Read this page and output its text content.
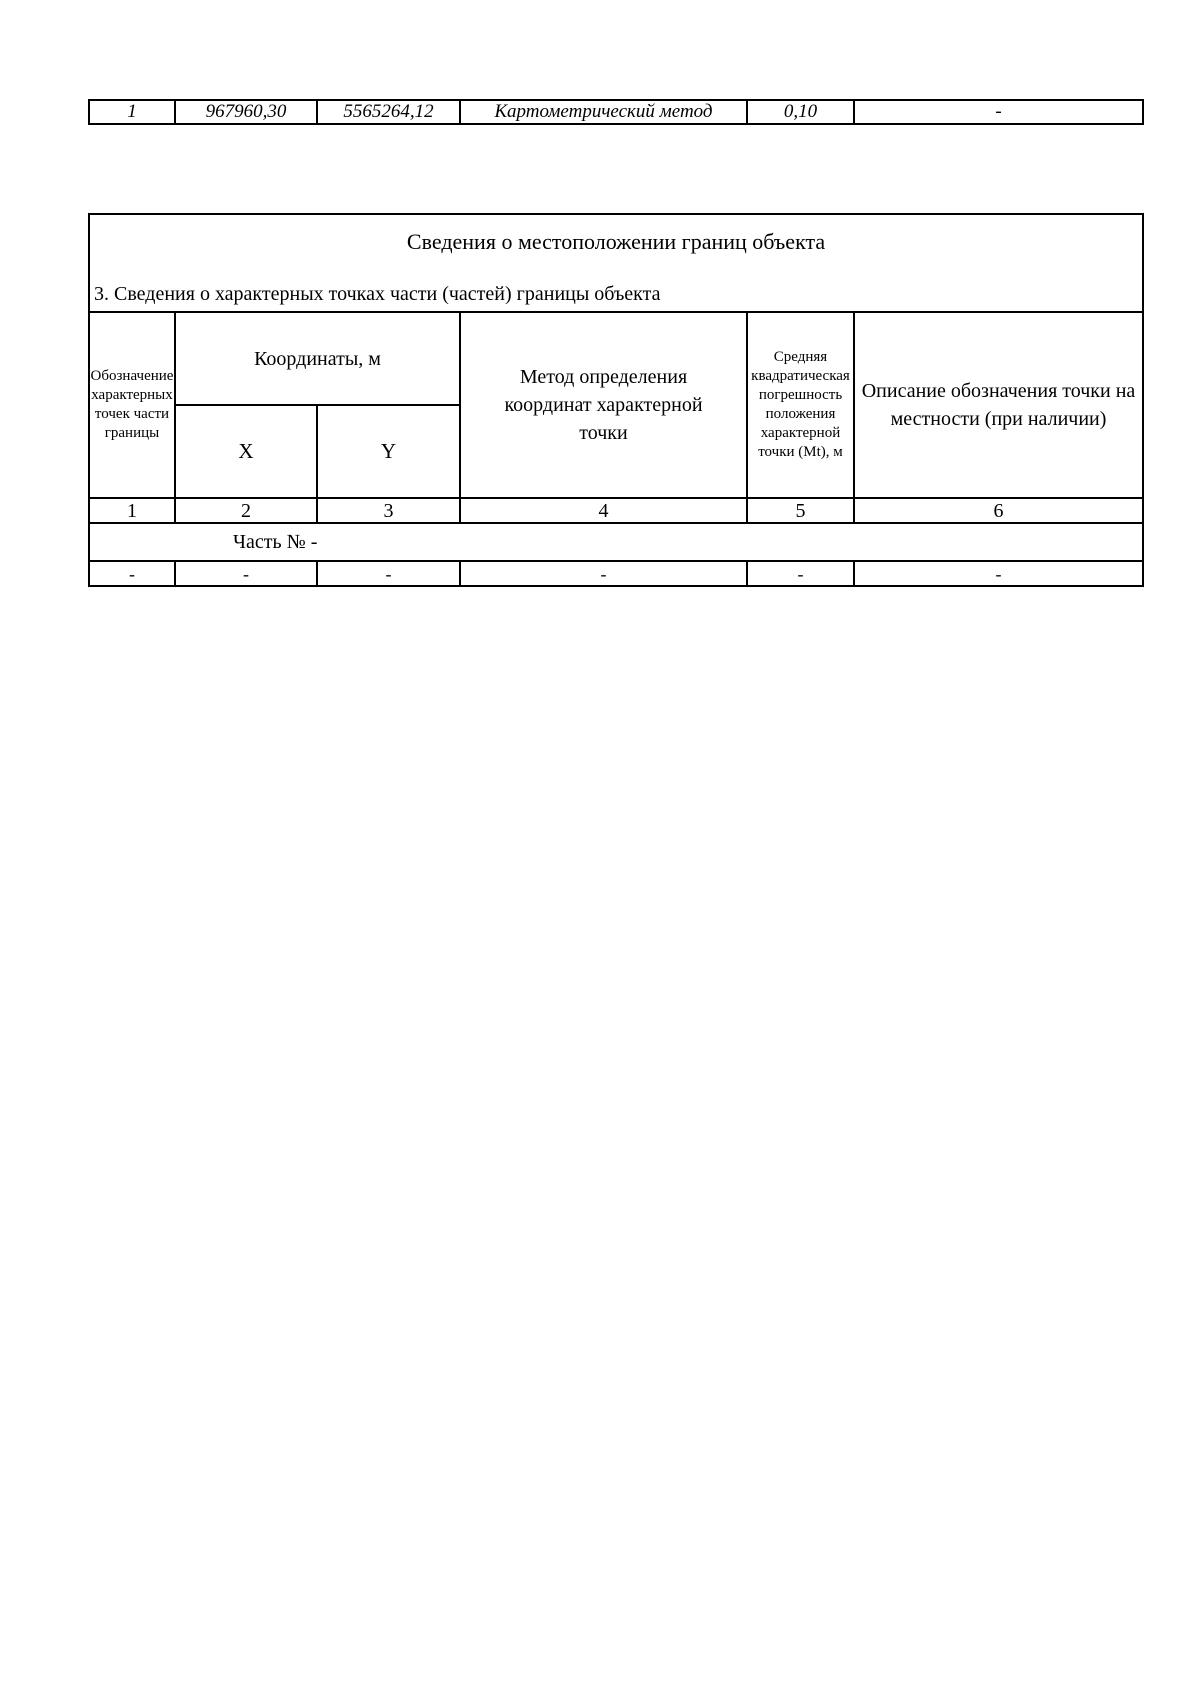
1	967960,30	5565264,12	Картометрический метод	0,10	-
Сведения о местоположении границ объекта
3. Сведения о характерных точках части (частей) границы объекта					

Обозначение характерных точек части границы	Координаты, м		Метод определения координат характерной точки	Средняя квадратическая погрешность положения характерной точки (Mt), м	Описание обозначения точки на местности (при наличии)
	X	Y			
1	2	3	4	5	6
Часть № -					
-	-	-	-	-	-
